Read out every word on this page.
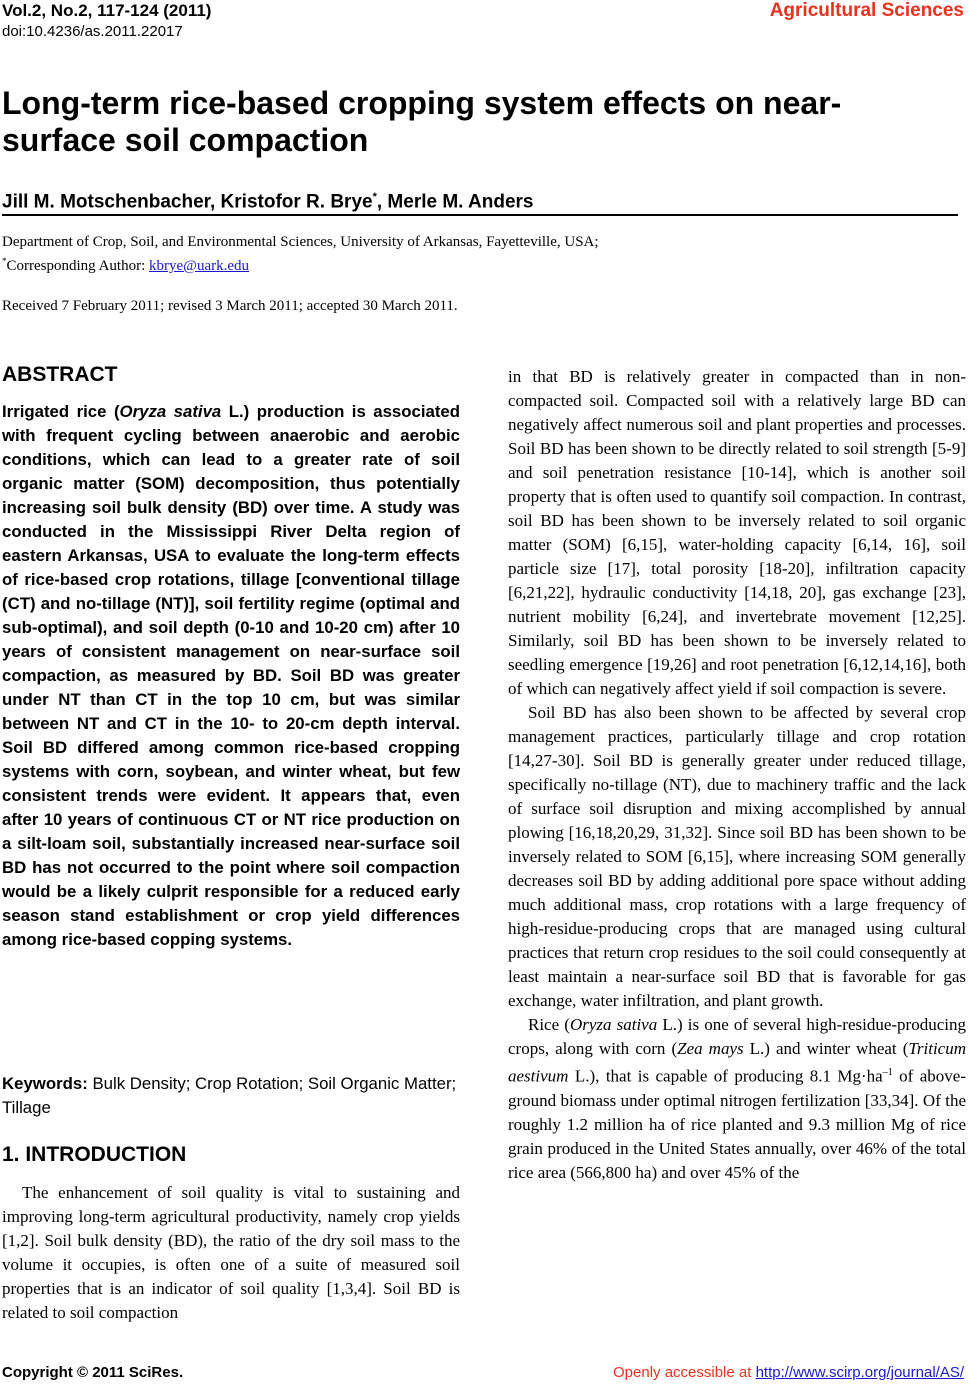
Vol.2, No.2, 117-124 (2011)
doi:10.4236/as.2011.22017
Agricultural Sciences
Long-term rice-based cropping system effects on near-surface soil compaction
Jill M. Motschenbacher, Kristofor R. Brye*, Merle M. Anders
Department of Crop, Soil, and Environmental Sciences, University of Arkansas, Fayetteville, USA;
*Corresponding Author: kbrye@uark.edu
Received 7 February 2011; revised 3 March 2011; accepted 30 March 2011.
ABSTRACT
Irrigated rice (Oryza sativa L.) production is associated with frequent cycling between anaerobic and aerobic conditions, which can lead to a greater rate of soil organic matter (SOM) decomposition, thus potentially increasing soil bulk density (BD) over time. A study was conducted in the Mississippi River Delta region of eastern Arkansas, USA to evaluate the long-term effects of rice-based crop rotations, tillage [conventional tillage (CT) and no-tillage (NT)], soil fertility regime (optimal and sub-optimal), and soil depth (0-10 and 10-20 cm) after 10 years of consistent management on near-surface soil compaction, as measured by BD. Soil BD was greater under NT than CT in the top 10 cm, but was similar between NT and CT in the 10- to 20-cm depth interval. Soil BD differed among common rice-based cropping systems with corn, soybean, and winter wheat, but few consistent trends were evident. It appears that, even after 10 years of continuous CT or NT rice production on a silt-loam soil, substantially increased near-surface soil BD has not occurred to the point where soil compaction would be a likely culprit responsible for a reduced early season stand establishment or crop yield differences among rice-based copping systems.
Keywords: Bulk Density; Crop Rotation; Soil Organic Matter; Tillage
1. INTRODUCTION

The enhancement of soil quality is vital to sustaining and improving long-term agricultural productivity, namely crop yields [1,2]. Soil bulk density (BD), the ratio of the dry soil mass to the volume it occupies, is often one of a suite of measured soil properties that is an indicator of soil quality [1,3,4]. Soil BD is related to soil compaction

in that BD is relatively greater in compacted than in non-compacted soil. Compacted soil with a relatively large BD can negatively affect numerous soil and plant properties and processes. Soil BD has been shown to be directly related to soil strength [5-9] and soil penetration resistance [10-14], which is another soil property that is often used to quantify soil compaction. In contrast, soil BD has been shown to be inversely related to soil organic matter (SOM) [6,15], water-holding capacity [6,14, 16], soil particle size [17], total porosity [18-20], infiltration capacity [6,21,22], hydraulic conductivity [14,18, 20], gas exchange [23], nutrient mobility [6,24], and invertebrate movement [12,25]. Similarly, soil BD has been shown to be inversely related to seedling emergence [19,26] and root penetration [6,12,14,16], both of which can negatively affect yield if soil compaction is severe.

Soil BD has also been shown to be affected by several crop management practices, particularly tillage and crop rotation [14,27-30]. Soil BD is generally greater under reduced tillage, specifically no-tillage (NT), due to machinery traffic and the lack of surface soil disruption and mixing accomplished by annual plowing [16,18,20,29, 31,32]. Since soil BD has been shown to be inversely related to SOM [6,15], where increasing SOM generally decreases soil BD by adding additional pore space without adding much additional mass, crop rotations with a large frequency of high-residue-producing crops that are managed using cultural practices that return crop residues to the soil could consequently at least maintain a near-surface soil BD that is favorable for gas exchange, water infiltration, and plant growth.

Rice (Oryza sativa L.) is one of several high-residue-producing crops, along with corn (Zea mays L.) and winter wheat (Triticum aestivum L.), that is capable of producing 8.1 $Mg\cdot ha^{-1}$ of above-ground biomass under optimal nitrogen fertilization [33,34]. Of the roughly 1.2 million ha of rice planted and 9.3 million Mg of rice grain produced in the United States annually, over 46% of the total rice area (566,800 ha) and over 45% of the

Copyright © 2011 SciRes.	Openly accessible at http://www.scirp.org/journal/AS/
